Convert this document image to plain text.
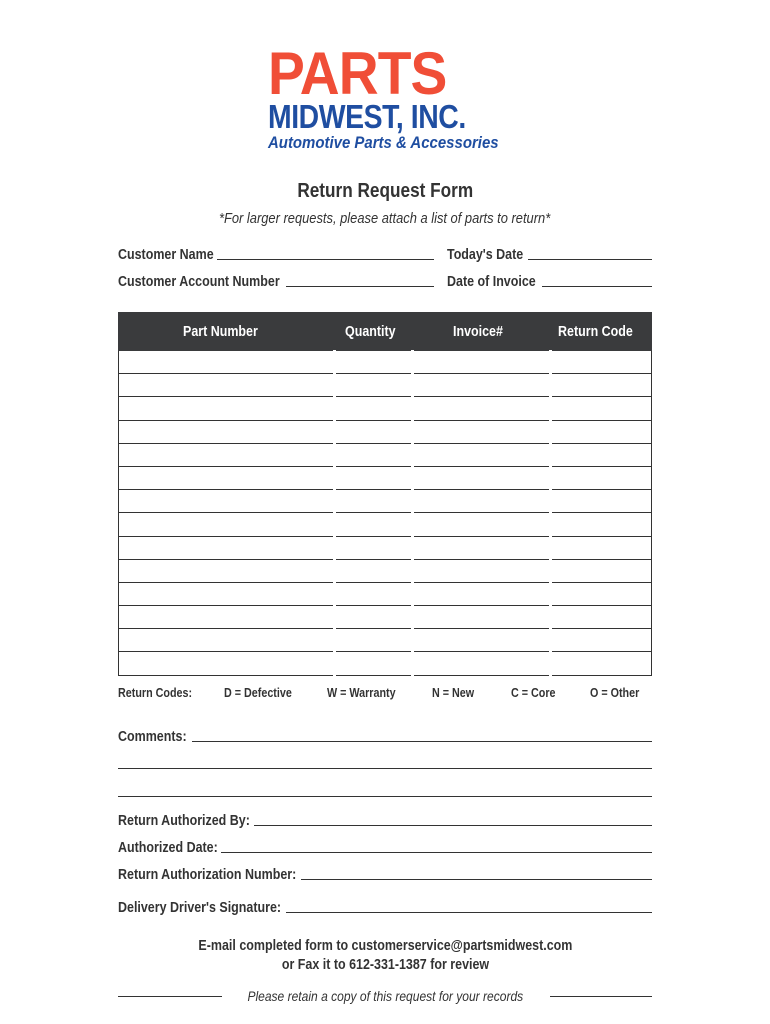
PARTS
MIDWEST, INC.
Automotive Parts & Accessories
Return Request Form
*For larger requests, please attach a list of parts to return*
Customer Name	Today's Date
Customer Account Number	Date of Invoice
Part Number	Quantity	Invoice#	Return Code

Return Codes:	D = Defective	W = Warranty	N = New	C = Core	O = Other
Comments:
Return Authorized By:
Authorized Date:
Return Authorization Number:
Delivery Driver's Signature:
E-mail completed form to customerservice@partsmidwest.com
or Fax it to 612-331-1387 for review
Please retain a copy of this request for your records
